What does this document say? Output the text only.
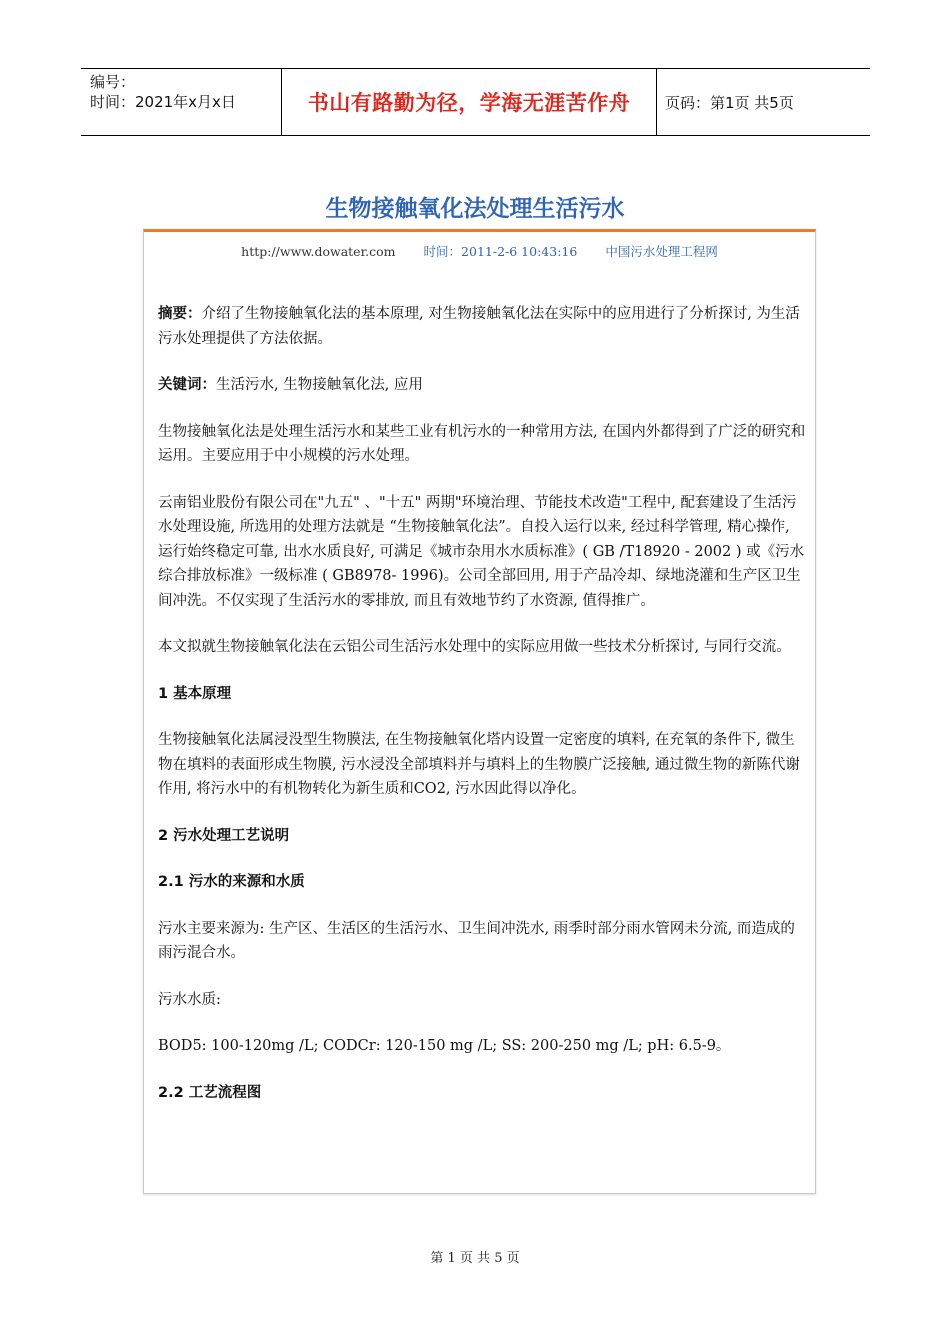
编号：
时间：2021年x月x日	书山有路勤为径，学海无涯苦作舟	页码：第1页 共5页
生物接触氧化法处理生活污水
http://www.dowater.com 时间：2011-2-6 10:43:16 中国污水处理工程网

摘要：介绍了生物接触氧化法的基本原理, 对生物接触氧化法在实际中的应用进行了分析探讨, 为生活污水处理提供了方法依据。

关键词：生活污水, 生物接触氧化法, 应用

生物接触氧化法是处理生活污水和某些工业有机污水的一种常用方法, 在国内外都得到了广泛的研究和运用。主要应用于中小规模的污水处理。

云南铝业股份有限公司在"九五" 、"十五" 两期"环境治理、节能技术改造"工程中, 配套建设了生活污水处理设施, 所选用的处理方法就是 “生物接触氧化法”。自投入运行以来, 经过科学管理, 精心操作, 运行始终稳定可靠, 出水水质良好, 可满足《城市杂用水水质标准》( GB /T18920 - 2002 ) 或《污水综合排放标准》一级标准 ( GB8978- 1996)。公司全部回用, 用于产品冷却、绿地浇灌和生产区卫生间冲洗。不仅实现了生活污水的零排放, 而且有效地节约了水资源, 值得推广。

本文拟就生物接触氧化法在云铝公司生活污水处理中的实际应用做一些技术分析探讨, 与同行交流。

1 基本原理

生物接触氧化法属浸没型生物膜法, 在生物接触氧化塔内设置一定密度的填料, 在充氧的条件下, 微生物在填料的表面形成生物膜, 污水浸没全部填料并与填料上的生物膜广泛接触, 通过微生物的新陈代谢作用, 将污水中的有机物转化为新生质和CO2, 污水因此得以净化。

2 污水处理工艺说明

2.1 污水的来源和水质

污水主要来源为: 生产区、生活区的生活污水、卫生间冲洗水, 雨季时部分雨水管网未分流, 而造成的雨污混合水。

污水水质:

BOD5: 100-120mg /L; CODCr: 120-150 mg /L; SS: 200-250 mg /L; pH: 6.5-9。

2.2 工艺流程图

第 1 页 共 5 页
